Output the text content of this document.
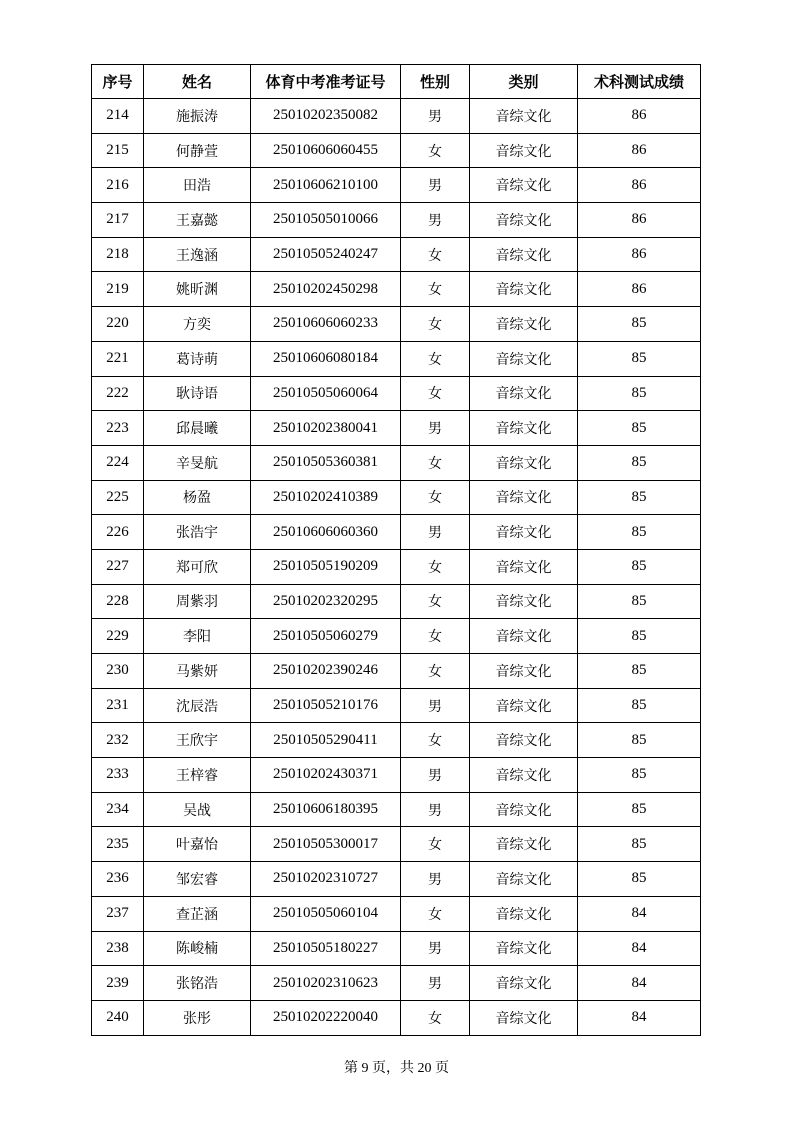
序号	姓名	体育中考准考证号	性别	类别	术科测试成绩
214	施振涛	25010202350082	男	音综文化	86
215	何静萱	25010606060455	女	音综文化	86
216	田浩	25010606210100	男	音综文化	86
217	王嘉懿	25010505010066	男	音综文化	86
218	王逸涵	25010505240247	女	音综文化	86
219	姚昕渊	25010202450298	女	音综文化	86
220	方奕	25010606060233	女	音综文化	85
221	葛诗萌	25010606080184	女	音综文化	85
222	耿诗语	25010505060064	女	音综文化	85
223	邱晨曦	25010202380041	男	音综文化	85
224	辛旻航	25010505360381	女	音综文化	85
225	杨盈	25010202410389	女	音综文化	85
226	张浩宇	25010606060360	男	音综文化	85
227	郑可欣	25010505190209	女	音综文化	85
228	周紫羽	25010202320295	女	音综文化	85
229	李阳	25010505060279	女	音综文化	85
230	马紫妍	25010202390246	女	音综文化	85
231	沈辰浩	25010505210176	男	音综文化	85
232	王欣宇	25010505290411	女	音综文化	85
233	王梓睿	25010202430371	男	音综文化	85
234	吴战	25010606180395	男	音综文化	85
235	叶嘉怡	25010505300017	女	音综文化	85
236	邹宏睿	25010202310727	男	音综文化	85
237	查芷涵	25010505060104	女	音综文化	84
238	陈峻楠	25010505180227	男	音综文化	84
239	张铭浩	25010202310623	男	音综文化	84
240	张彤	25010202220040	女	音综文化	84
第 9 页，共 20 页
